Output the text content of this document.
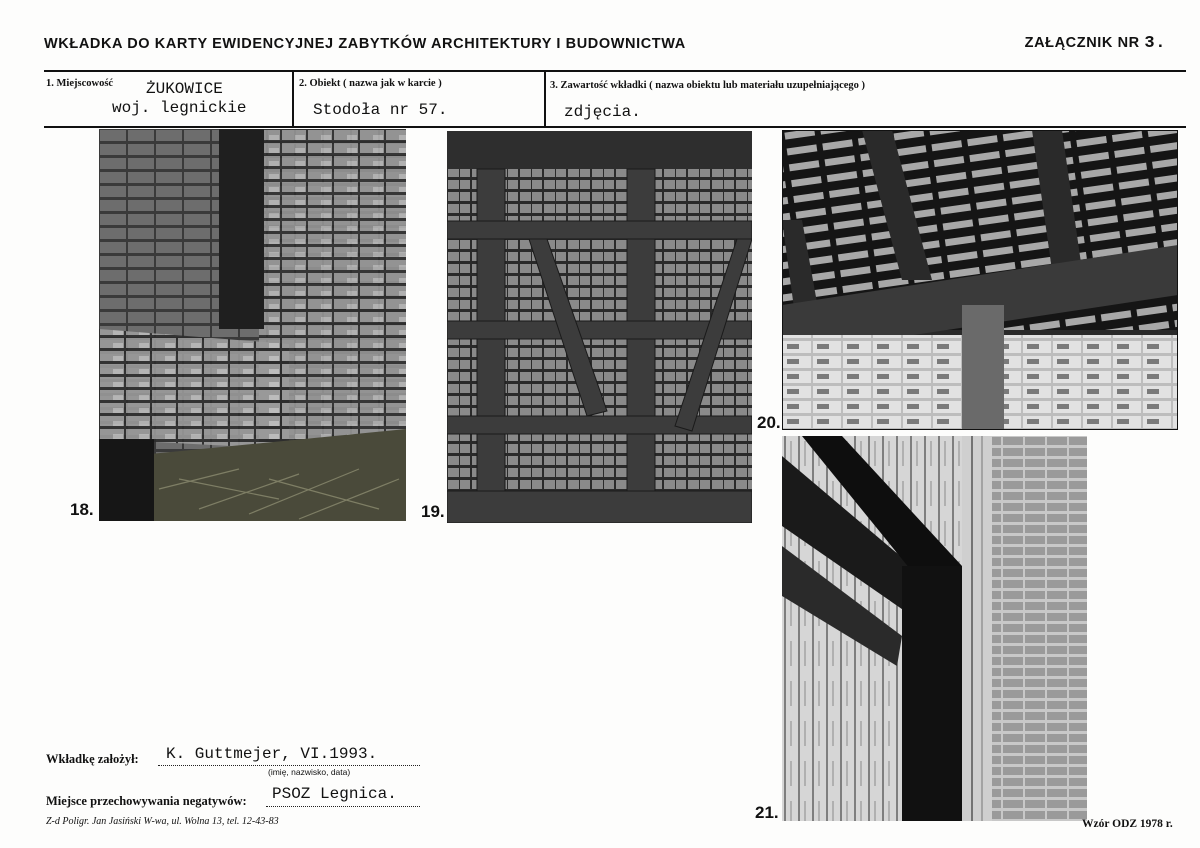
WKŁADKA DO KARTY EWIDENCYJNEJ ZABYTKÓW ARCHITEKTURY I BUDOWNICTWA	ZAŁĄCZNIK NR 3.
1. Miejscowość ŻUKOWICE
woj. legnickie
2. Obiekt ( nazwa jak w karcie )
Stodoła nr 57.
3. Zawartość wkładki ( nazwa obiektu lub materiału uzupełniającego )
zdjęcia.
18.	19.
20.
21.
Wkładkę założył: K. Guttmejer, VI.1993.
(imię, nazwisko, data)
Miejsce przechowywania negatywów: PSOZ Legnica.
Z-d Poligr. Jan Jasiński W-wa, ul. Wolna 13, tel. 12-43-83	Wzór ODZ 1978 r.
